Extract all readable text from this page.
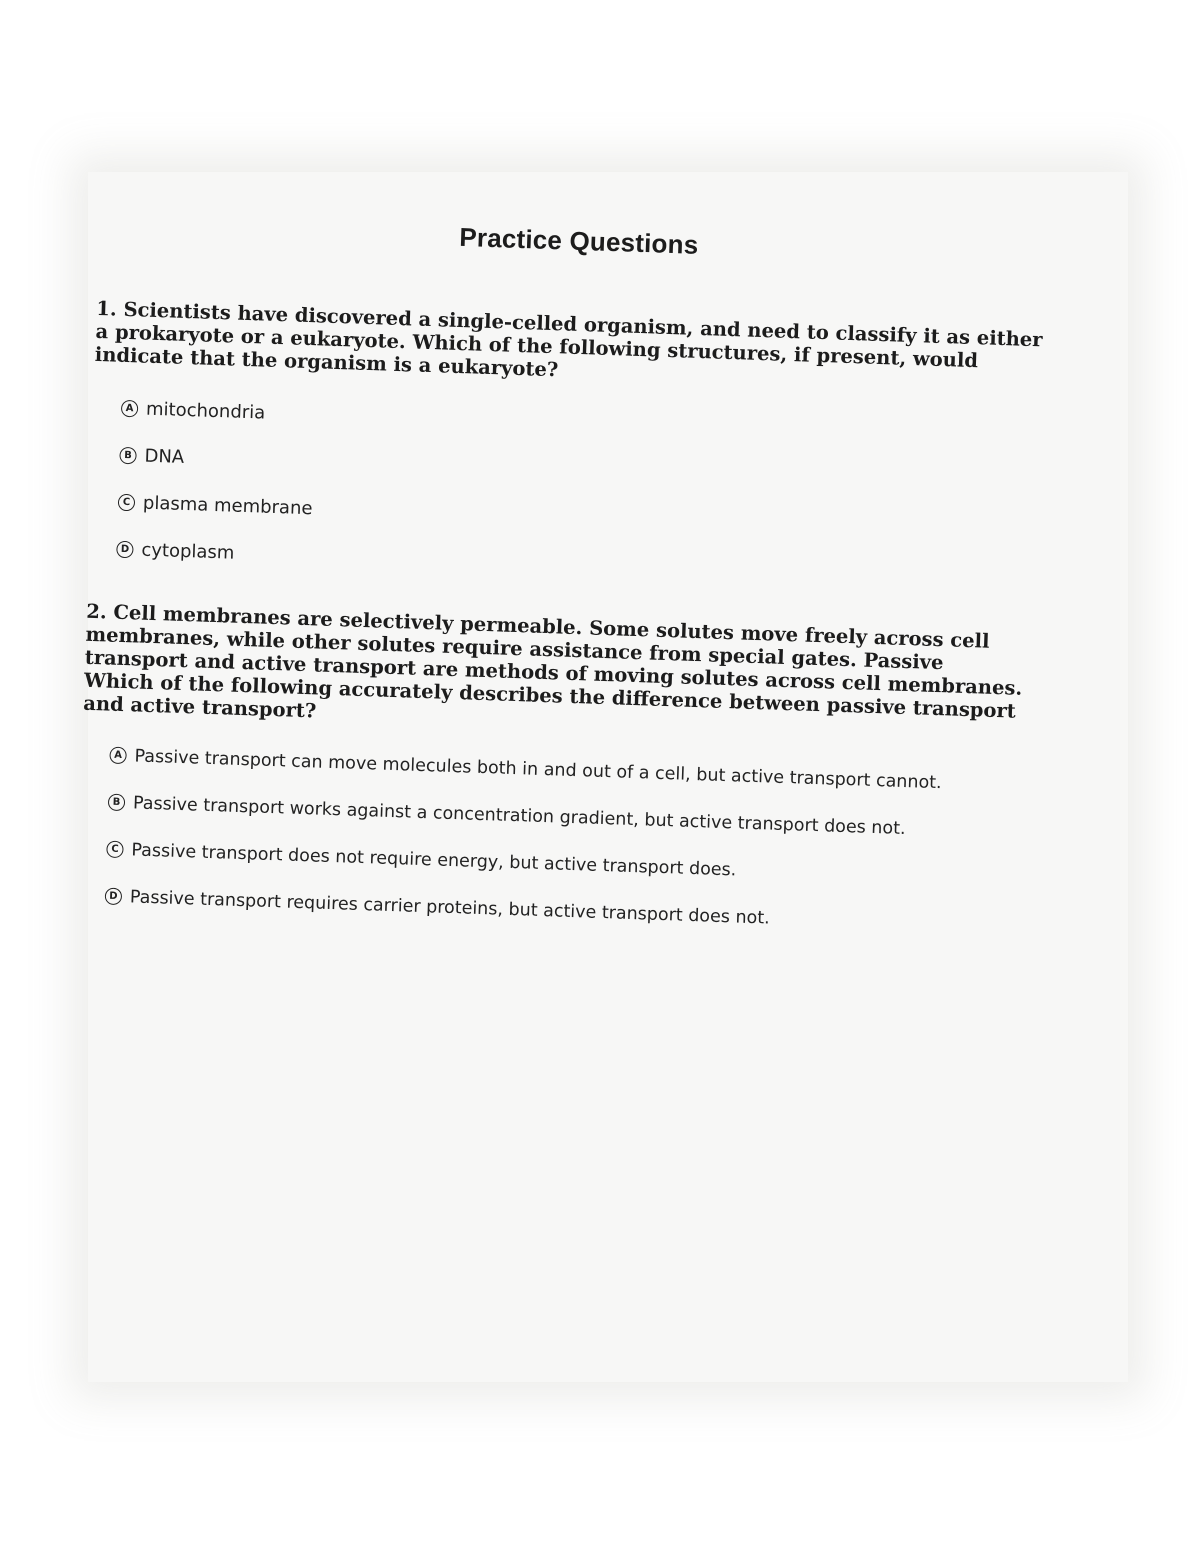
Practice Questions

1. Scientists have discovered a single-celled organism, and need to classify it as either a prokaryote or a eukaryote. Which of the following structures, if present, would indicate that the organism is a eukaryote?

A mitochondria
B DNA
C plasma membrane
D cytoplasm

2. Cell membranes are selectively permeable. Some solutes move freely across cell membranes, while other solutes require assistance from special gates. Passive transport and active transport are methods of moving solutes across cell membranes. Which of the following accurately describes the difference between passive transport and active transport?

A Passive transport can move molecules both in and out of a cell, but active transport cannot.
B Passive transport works against a concentration gradient, but active transport does not.
C Passive transport does not require energy, but active transport does.
D Passive transport requires carrier proteins, but active transport does not.
